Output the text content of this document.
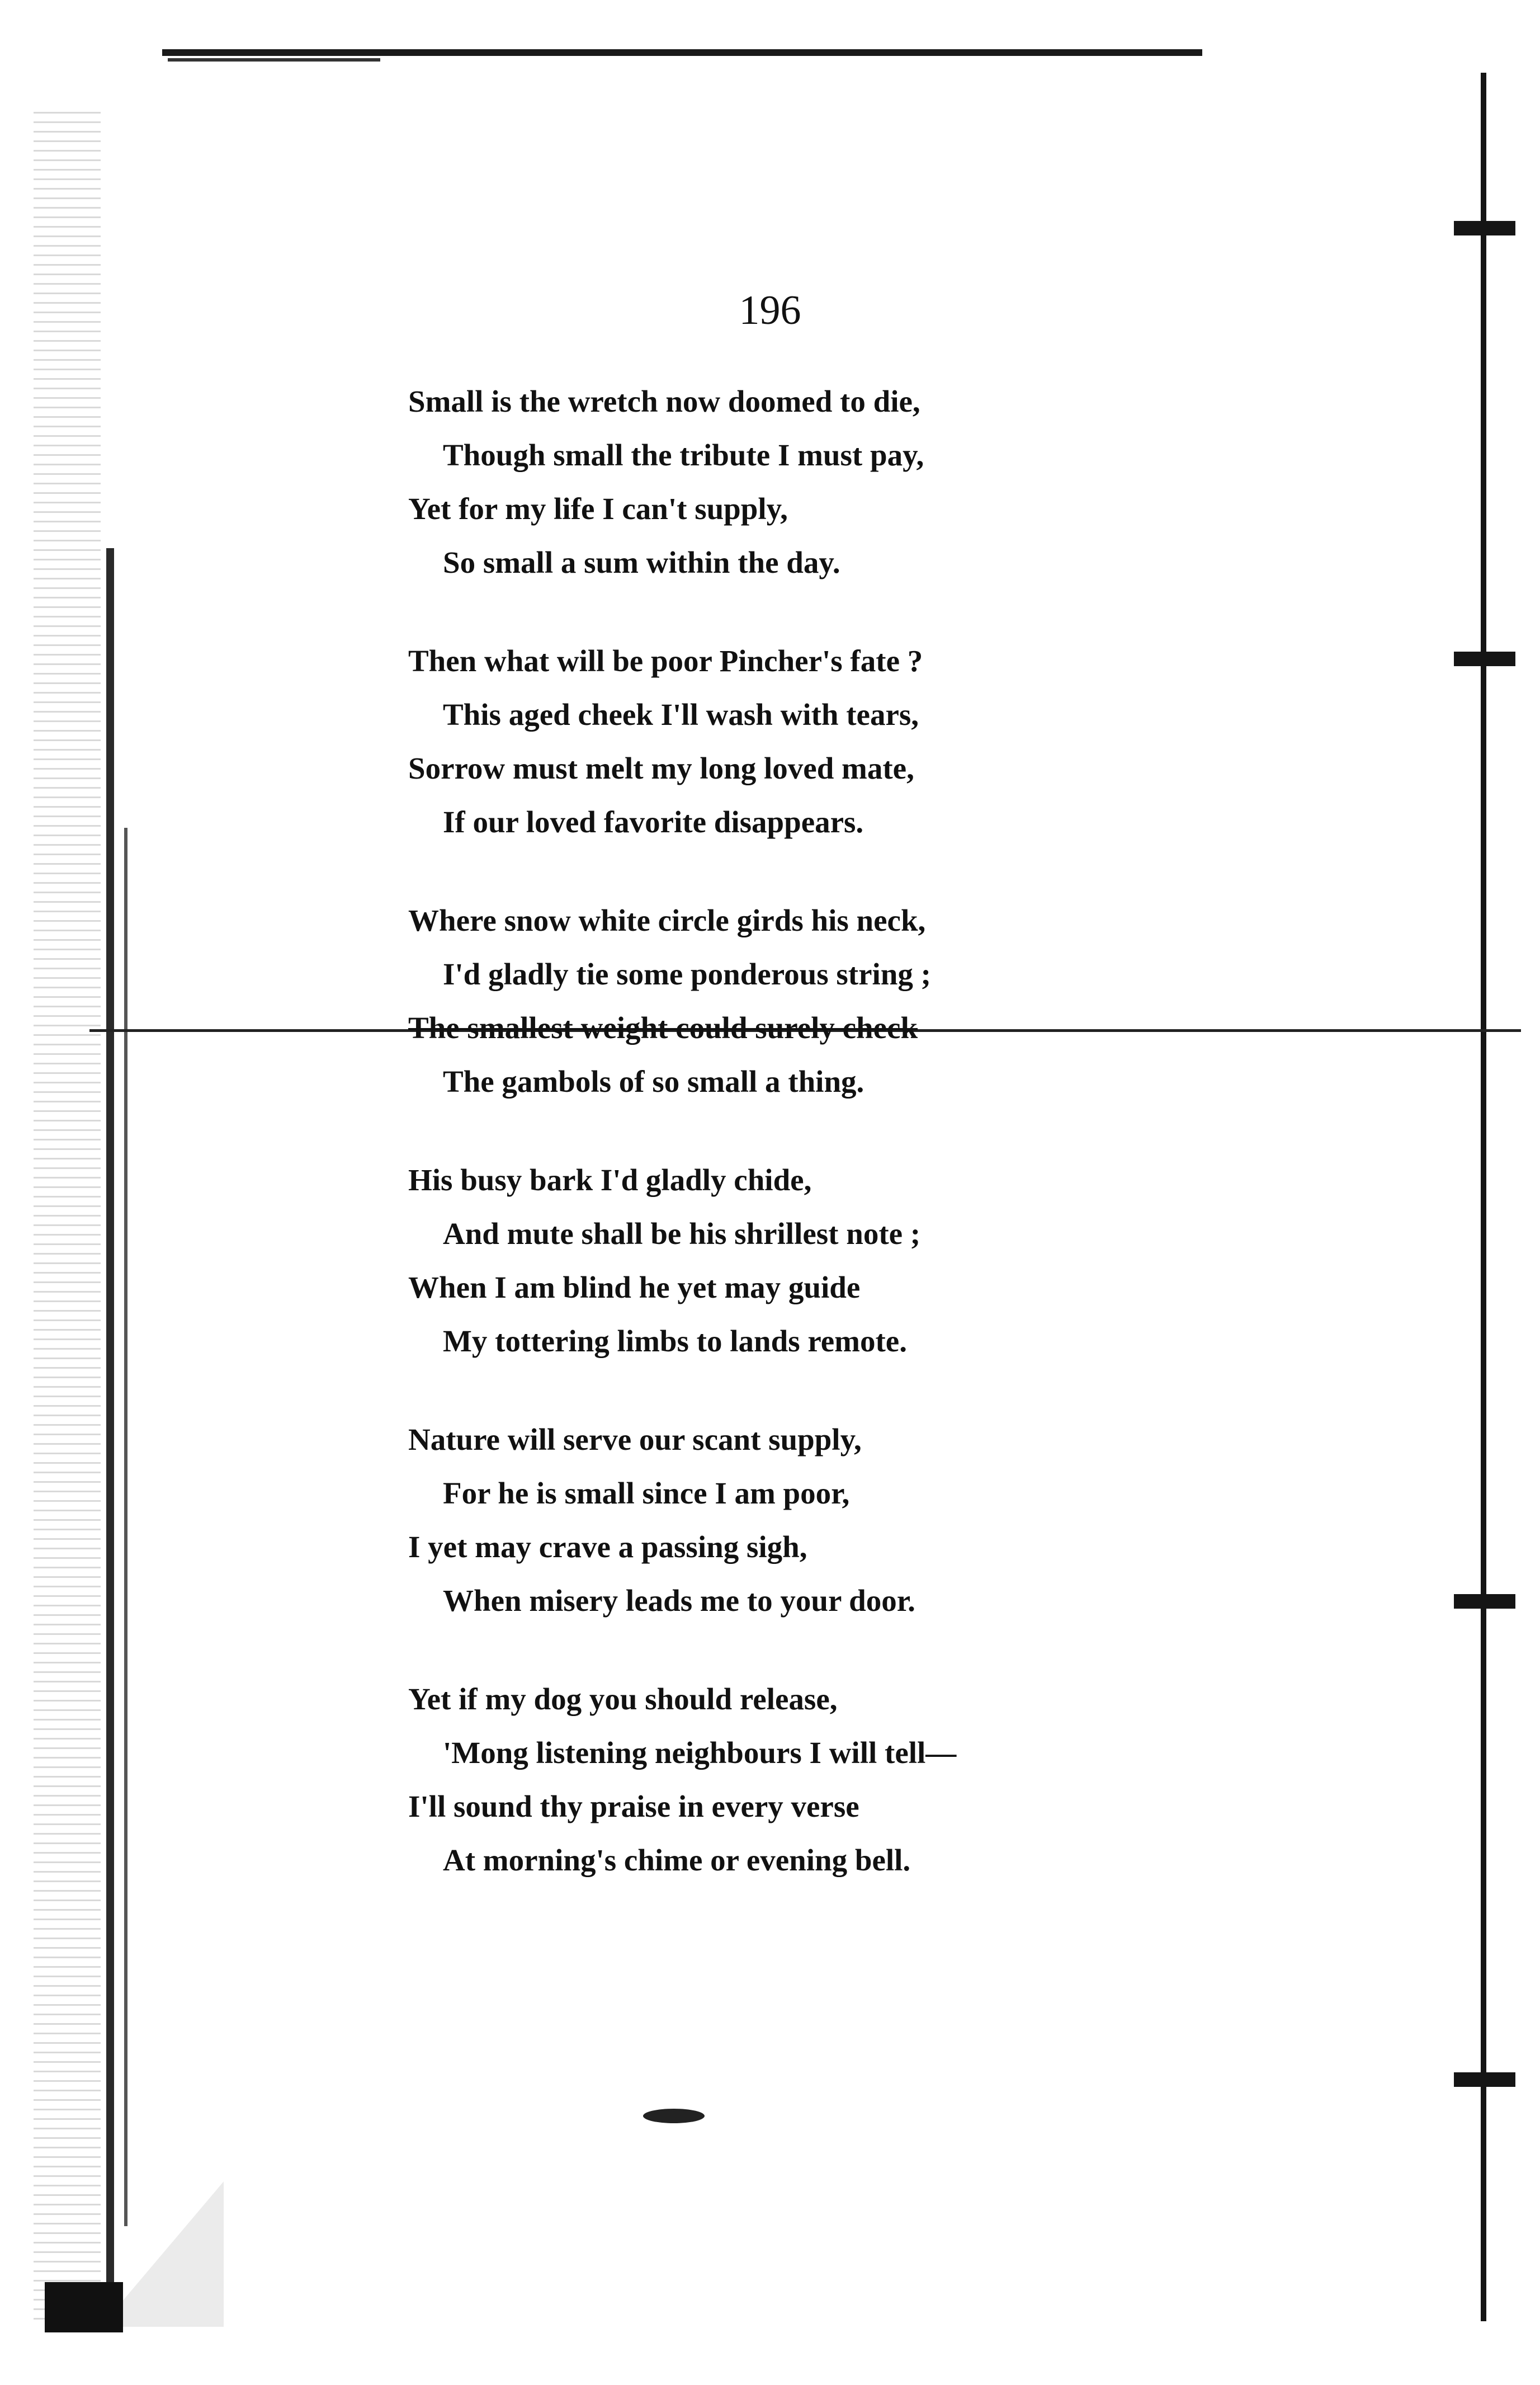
196
Small is the wretch now doomed to die,
Though small the tribute I must pay,
Yet for my life I can't supply,
So small a sum within the day.
Then what will be poor Pincher's fate ?
This aged cheek I'll wash with tears,
Sorrow must melt my long loved mate,
If our loved favorite disappears.
Where snow white circle girds his neck,
I'd gladly tie some ponderous string ;
The smallest weight could surely check
The gambols of so small a thing.
His busy bark I'd gladly chide,
And mute shall be his shrillest note ;
When I am blind he yet may guide
My tottering limbs to lands remote.
Nature will serve our scant supply,
For he is small since I am poor,
I yet may crave a passing sigh,
When misery leads me to your door.
Yet if my dog you should release,
'Mong listening neighbours I will tell—
I'll sound thy praise in every verse
At morning's chime or evening bell.
